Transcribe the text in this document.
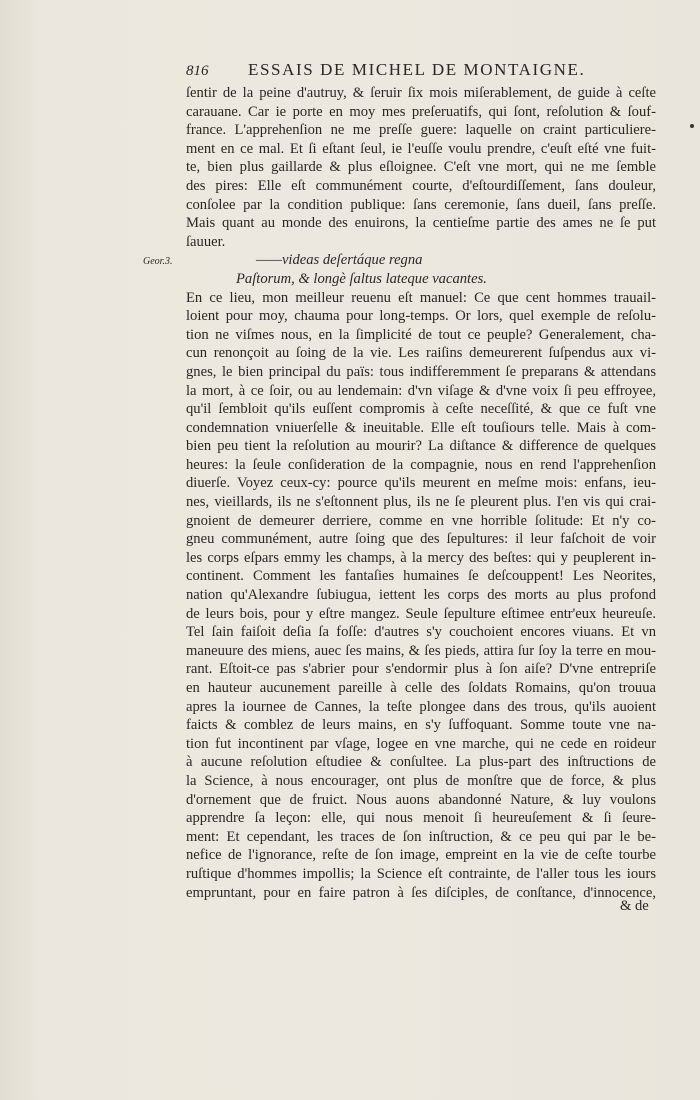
816 ESSAIS DE MICHEL DE MONTAIGNE.
Geor.3.
ſentir de la peine d'autruy, & ſeruir ſix mois miſerablement, de guide à ceſte
carauane. Car ie porte en moy mes preſeruatifs, qui ſont, reſolution & ſouf-
france. L'apprehenſion ne me preſſe guere: laquelle on craint particuliere-
ment en ce mal. Et ſi eſtant ſeul, ie l'euſſe voulu prendre, c'euſt eſté vne fuit-
te, bien plus gaillarde & plus eſloignee. C'eſt vne mort, qui ne me ſemble
des pires: Elle eſt communément courte, d'eſtourdiſſement, ſans douleur,
conſolee par la condition publique: ſans ceremonie, ſans dueil, ſans preſſe.
Mais quant au monde des enuirons, la centieſme partie des ames ne ſe put
ſauuer.
——videas deſertáque regna
Paſtorum, & longè ſaltus lateque vacantes.
En ce lieu, mon meilleur reuenu eſt manuel: Ce que cent hommes trauail-
loient pour moy, chauma pour long-temps. Or lors, quel exemple de reſolu-
tion ne viſmes nous, en la ſimplicité de tout ce peuple? Generalement, cha-
cun renonçoit au ſoing de la vie. Les raiſins demeurerent ſuſpendus aux vi-
gnes, le bien principal du païs: tous indifferemment ſe preparans & attendans
la mort, à ce ſoir, ou au lendemain: d'vn viſage & d'vne voix ſi peu effroyee,
qu'il ſembloit qu'ils euſſent compromis à ceſte neceſſité, & que ce fuſt vne
condemnation vniuerſelle & ineuitable. Elle eſt touſiours telle. Mais à com-
bien peu tient la reſolution au mourir? La diſtance & difference de quelques
heures: la ſeule conſideration de la compagnie, nous en rend l'apprehenſion
diuerſe. Voyez ceux-cy: pource qu'ils meurent en meſme mois: enfans, ieu-
nes, vieillards, ils ne s'eſtonnent plus, ils ne ſe pleurent plus. I'en vis qui crai-
gnoient de demeurer derriere, comme en vne horrible ſolitude: Et n'y co-
gneu communément, autre ſoing que des ſepultures: il leur faſchoit de voir
les corps eſpars emmy les champs, à la mercy des beſtes: qui y peuplerent in-
continent. Comment les fantaſies humaines ſe deſcouppent! Les Neorites,
nation qu'Alexandre ſubiugua, iettent les corps des morts au plus profond
de leurs bois, pour y eſtre mangez. Seule ſepulture eſtimee entr'eux heureuſe.
Tel ſain faiſoit deſia ſa foſſe: d'autres s'y couchoient encores viuans. Et vn
maneuure des miens, auec ſes mains, & ſes pieds, attira ſur ſoy la terre en mou-
rant. Eſtoit-ce pas s'abrier pour s'endormir plus à ſon aiſe? D'vne entrepriſe
en hauteur aucunement pareille à celle des ſoldats Romains, qu'on trouua
apres la iournee de Cannes, la teſte plongee dans des trous, qu'ils auoient
faicts & comblez de leurs mains, en s'y ſuffoquant. Somme toute vne na-
tion fut incontinent par vſage, logee en vne marche, qui ne cede en roideur
à aucune reſolution eſtudiee & conſultee. La plus-part des inſtructions de
la Science, à nous encourager, ont plus de monſtre que de force, & plus
d'ornement que de fruict. Nous auons abandonné Nature, & luy voulons
apprendre ſa leçon: elle, qui nous menoit ſi heureuſement & ſi ſeure-
ment: Et cependant, les traces de ſon inſtruction, & ce peu qui par le be-
nefice de l'ignorance, reſte de ſon image, empreint en la vie de ceſte tourbe
ruſtique d'hommes impollis; la Science eſt contrainte, de l'aller tous les iours
empruntant, pour en faire patron à ſes diſciples, de conſtance, d'innocence,
& de
